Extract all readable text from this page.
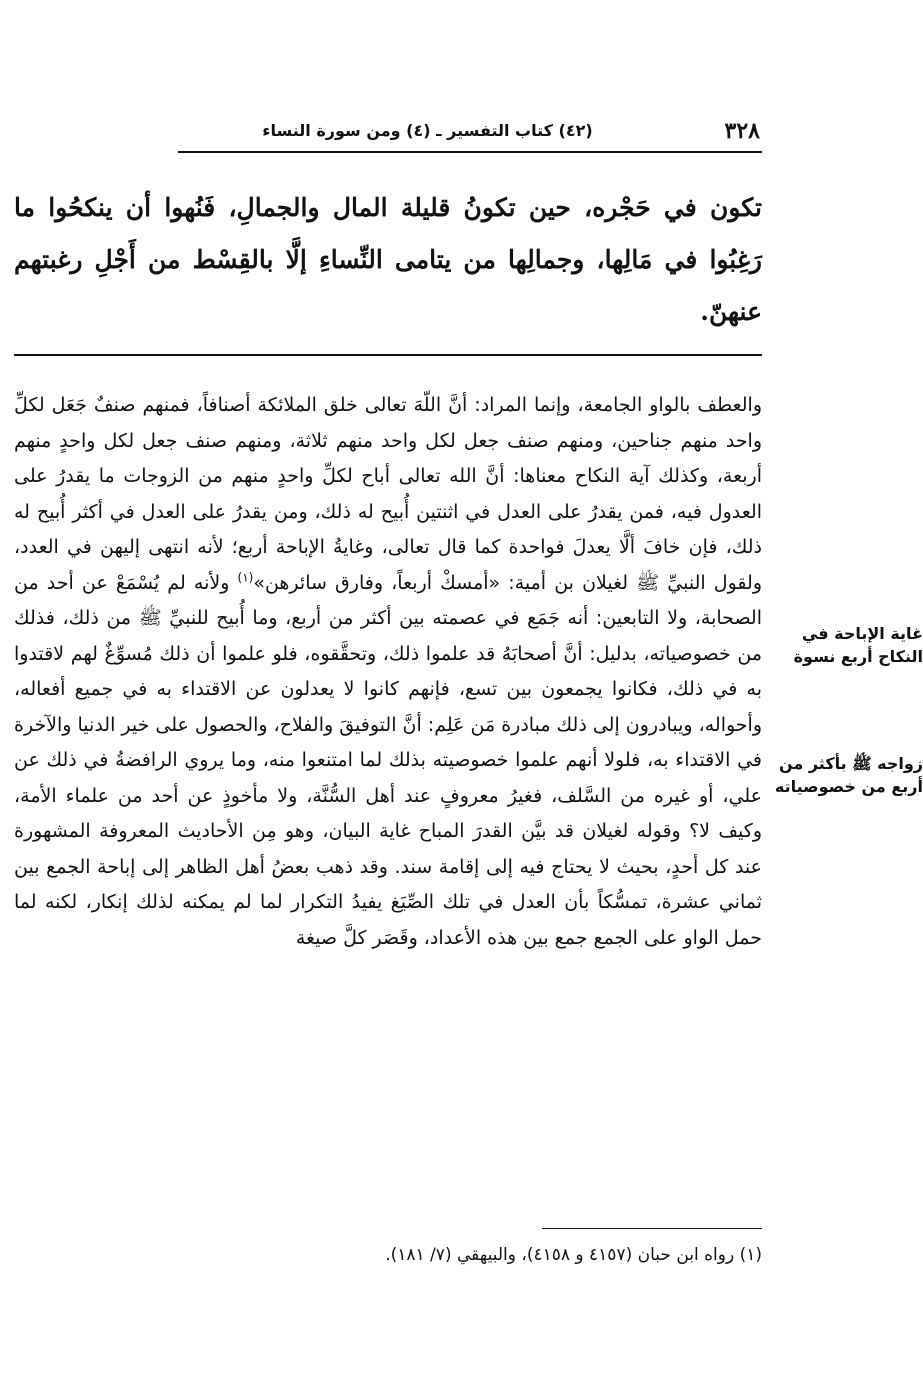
٣٢٨
(٤٢) كتاب التفسير ـ (٤) ومن سورة النساء

تكون في حَجْره، حين تكونُ قليلة المال والجمالِ، فَنُهوا أن ينكحُوا ما رَغِبُوا في مَالِها، وجمالِها من يتامى النِّساءِ إلَّا بالقِسْط من أَجْلِ رغبتهم عنهنّ.

والعطف بالواو الجامعة، وإنما المراد: أنَّ اللّهَ تعالى خلق الملائكة أصنافاً، فمنهم صنفٌ جَعَل لكلِّ واحد منهم جناحين، ومنهم صنف جعل لكل واحد منهم ثلاثة، ومنهم صنف جعل لكل واحدٍ منهم أربعة، وكذلك آية النكاح معناها: أنَّ الله تعالى أباح لكلِّ واحدٍ منهم من الزوجات ما يقدرُ على العدول فيه، فمن يقدرُ على العدل في اثنتين أُبيح له ذلك، ومن يقدرُ على العدل في أكثر أُبيح له ذلك، فإن خافَ ألَّا يعدلَ فواحدة كما قال تعالى، وغايةُ الإباحة أربع؛ لأنه انتهى إليهن في العدد، ولقول النبيِّ ﷺ لغيلان بن أمية: «أمسكْ أربعاً، وفارق سائرهن»$^{(١)}$ ولأنه لم يُسْمَعْ عن أحد من الصحابة، ولا التابعين: أنه جَمَع في عصمته بين أكثر من أربع، وما أُبيح للنبيِّ ﷺ من ذلك، فذلك من خصوصياته، بدليل: أنَّ أصحابَهُ قد علموا ذلك، وتحقَّقوه، فلو علموا أن ذلك مُسوِّغٌ لهم لاقتدوا به في ذلك، فكانوا يجمعون بين تسع، فإنهم كانوا لا يعدلون عن الاقتداء به في جميع أفعاله، وأحواله، ويبادرون إلى ذلك مبادرة مَن عَلِم: أنَّ التوفيقَ والفلاح، والحصول على خير الدنيا والآخرة في الاقتداء به، فلولا أنهم علموا خصوصيته بذلك لما امتنعوا منه، وما يروي الرافضةُ في ذلك عن علي، أو غيره من السَّلف، فغيرُ معروفٍ عند أهل السُّنَّة، ولا مأخوذٍ عن أحد من علماء الأمة، وكيف لا؟ وقوله لغيلان قد بيَّن القدرَ المباح غاية البيان، وهو مِن الأحاديث المعروفة المشهورة عند كل أحدٍ، بحيث لا يحتاج فيه إلى إقامة سند. وقد ذهب بعضُ أهل الظاهر إلى إباحة الجمع بين ثماني عشرة، تمسُّكاً بأن العدل في تلك الصِّيَغ يفيدُ التكرار لما لم يمكنه لذلك إنكار، لكنه لما حمل الواو على الجمع جمع بين هذه الأعداد، وقَصَر كلَّ صيغة

غاية الإباحة في النكاح أربع نسوة
زواجه ﷺ بأكثر من أربع من خصوصياته
(١) رواه ابن حبان (٤١٥٧ و ٤١٥٨)، والبيهقي (٧/ ١٨١).
